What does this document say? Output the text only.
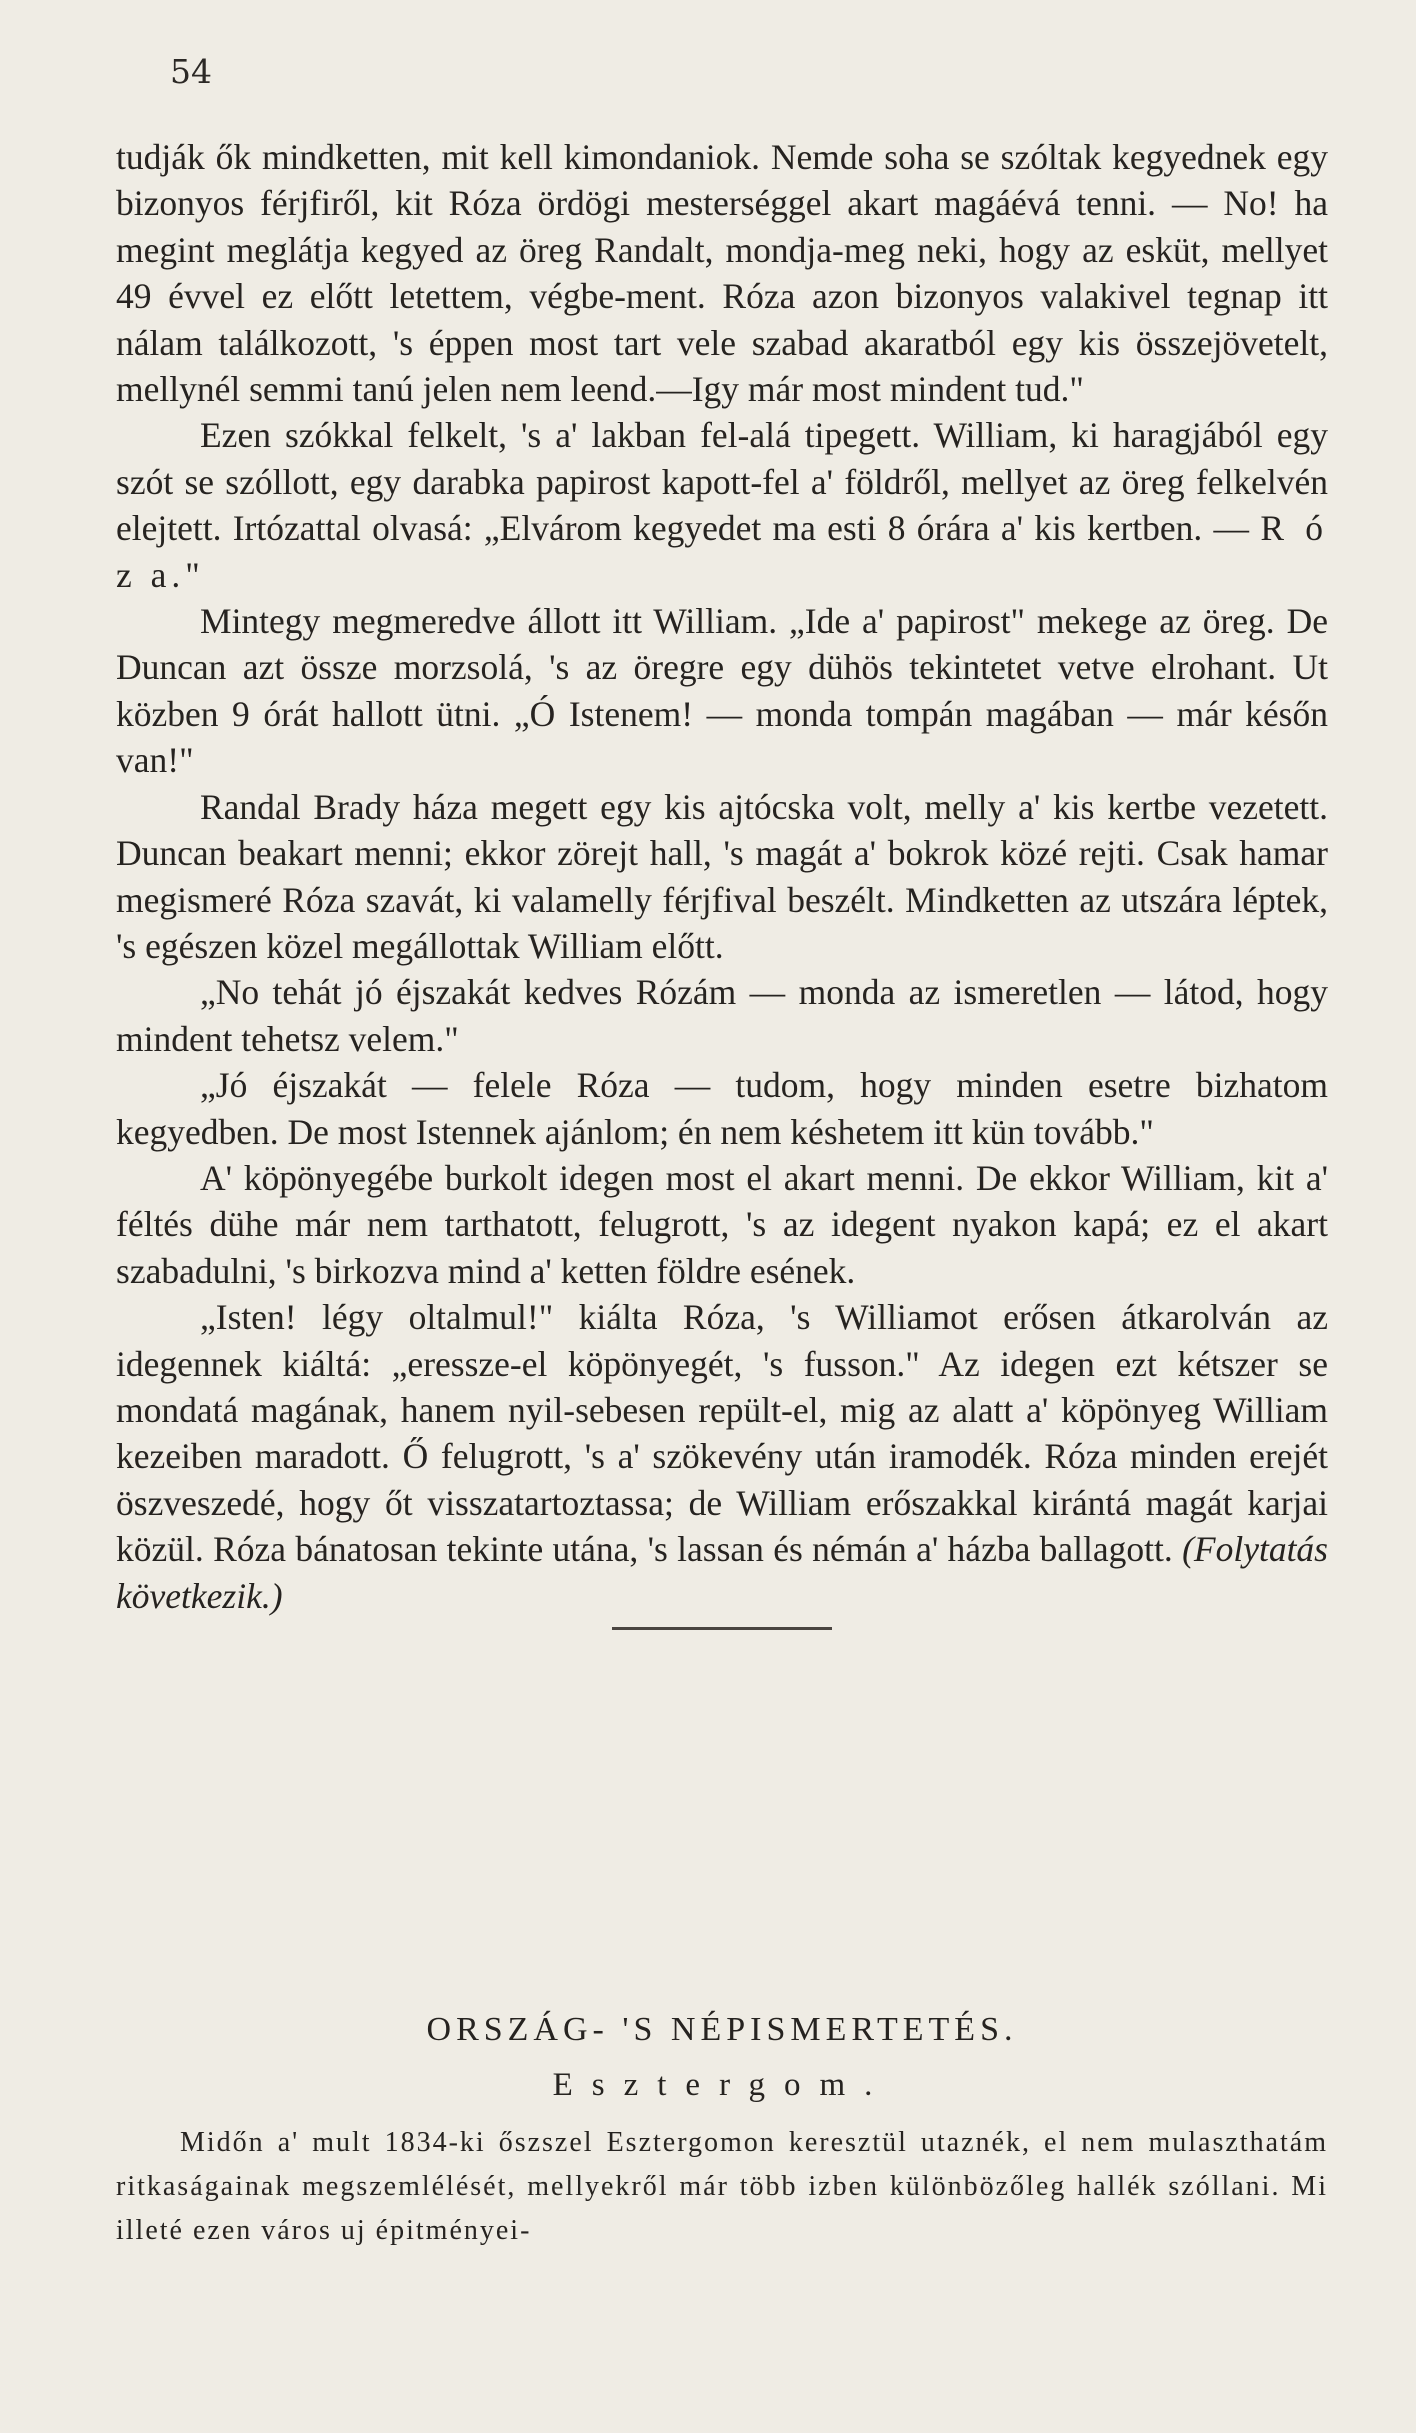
54

tudják ők mindketten, mit kell kimondaniok. Nemde soha se szóltak kegyednek egy bizonyos férjfiről, kit Róza ördögi mesterséggel akart magáévá tenni. — No! ha megint meglátja kegyed az öreg Randalt, mondja-meg neki, hogy az esküt, mellyet 49 évvel ez előtt letettem, végbe-ment. Róza azon bizonyos valakivel tegnap itt nálam találkozott, 's éppen most tart vele szabad akaratból egy kis összejövetelt, mellynél semmi tanú jelen nem leend.—Igy már most mindent tud."

Ezen szókkal felkelt, 's a' lakban fel-alá tipegett. William, ki haragjából egy szót se szóllott, egy darabka papirost kapott-fel a' földről, mellyet az öreg felkelvén elejtett. Irtózattal olvasá: „Elvárom kegyedet ma esti 8 órára a' kis kertben. — R ó z a."

Mintegy megmeredve állott itt William. „Ide a' papirost" mekege az öreg. De Duncan azt össze morzsolá, 's az öregre egy dühös tekintetet vetve elrohant. Ut közben 9 órát hallott ütni. „Ó Istenem! — monda tompán magában — már későn van!"

Randal Brady háza megett egy kis ajtócska volt, melly a' kis kertbe vezetett. Duncan beakart menni; ekkor zörejt hall, 's magát a' bokrok közé rejti. Csak hamar megismeré Róza szavát, ki valamelly férjfival beszélt. Mindketten az utszára léptek, 's egészen közel megállottak William előtt.

„No tehát jó éjszakát kedves Rózám — monda az ismeretlen — látod, hogy mindent tehetsz velem."

„Jó éjszakát — felele Róza — tudom, hogy minden esetre bizhatom kegyedben. De most Istennek ajánlom; én nem késhetem itt kün tovább."

A' köpönyegébe burkolt idegen most el akart menni. De ekkor William, kit a' féltés dühe már nem tarthatott, felugrott, 's az idegent nyakon kapá; ez el akart szabadulni, 's birkozva mind a' ketten földre esének.

„Isten! légy oltalmul!" kiálta Róza, 's Williamot erősen átkarolván az idegennek kiáltá: „eressze-el köpönyegét, 's fusson." Az idegen ezt kétszer se mondatá magának, hanem nyil-sebesen repült-el, mig az alatt a' köpönyeg William kezeiben maradott. Ő felugrott, 's a' szökevény után iramodék. Róza minden erejét öszveszedé, hogy őt visszatartoztassa; de William erőszakkal kirántá magát karjai közül. Róza bánatosan tekinte utána, 's lassan és némán a' házba ballagott. (Folytatás következik.)

ORSZÁG- 'S NÉPISMERTETÉS.
Esztergom.

Midőn a' mult 1834-ki őszszel Esztergomon keresztül utaznék, el nem mulaszthatám ritkaságainak megszemlélését, mellyekről már több izben különbözőleg hallék szóllani. Mi illeté ezen város uj épitményei-
